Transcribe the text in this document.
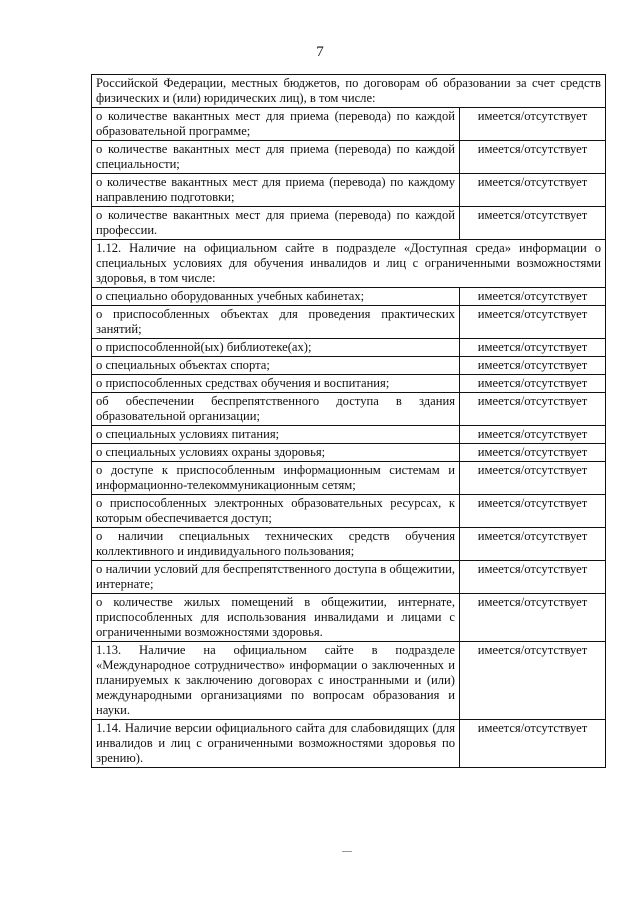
7
Российской Федерации, местных бюджетов, по договорам об образовании за счет средств физических и (или) юридических лиц), в том числе:	
о количестве вакантных мест для приема (перевода) по каждой образовательной программе;	имеется/отсутствует
о количестве вакантных мест для приема (перевода) по каждой специальности;	имеется/отсутствует
о количестве вакантных мест для приема (перевода) по каждому направлению подготовки;	имеется/отсутствует
о количестве вакантных мест для приема (перевода) по каждой профессии.	имеется/отсутствует
1.12. Наличие на официальном сайте в подразделе «Доступная среда» информации о специальных условиях для обучения инвалидов и лиц с ограниченными возможностями здоровья, в том числе:	
о специально оборудованных учебных кабинетах;	имеется/отсутствует
о приспособленных объектах для проведения практических занятий;	имеется/отсутствует
о приспособленной(ых) библиотеке(ах);	имеется/отсутствует
о специальных объектах спорта;	имеется/отсутствует
о приспособленных средствах обучения и воспитания;	имеется/отсутствует
об обеспечении беспрепятственного доступа в здания образовательной организации;	имеется/отсутствует
о специальных условиях питания;	имеется/отсутствует
о специальных условиях охраны здоровья;	имеется/отсутствует
о доступе к приспособленным информационным системам и информационно-телекоммуникационным сетям;	имеется/отсутствует
о приспособленных электронных образовательных ресурсах, к которым обеспечивается доступ;	имеется/отсутствует
о наличии специальных технических средств обучения коллективного и индивидуального пользования;	имеется/отсутствует
о наличии условий для беспрепятственного доступа в общежитии, интернате;	имеется/отсутствует
о количестве жилых помещений в общежитии, интернате, приспособленных для использования инвалидами и лицами с ограниченными возможностями здоровья.	имеется/отсутствует
1.13. Наличие на официальном сайте в подразделе «Международное сотрудничество» информации о заключенных и планируемых к заключению договорах с иностранными и (или) международными организациями по вопросам образования и науки.	имеется/отсутствует
1.14. Наличие версии официального сайта для слабовидящих (для инвалидов и лиц с ограниченными возможностями здоровья по зрению).	имеется/отсутствует
